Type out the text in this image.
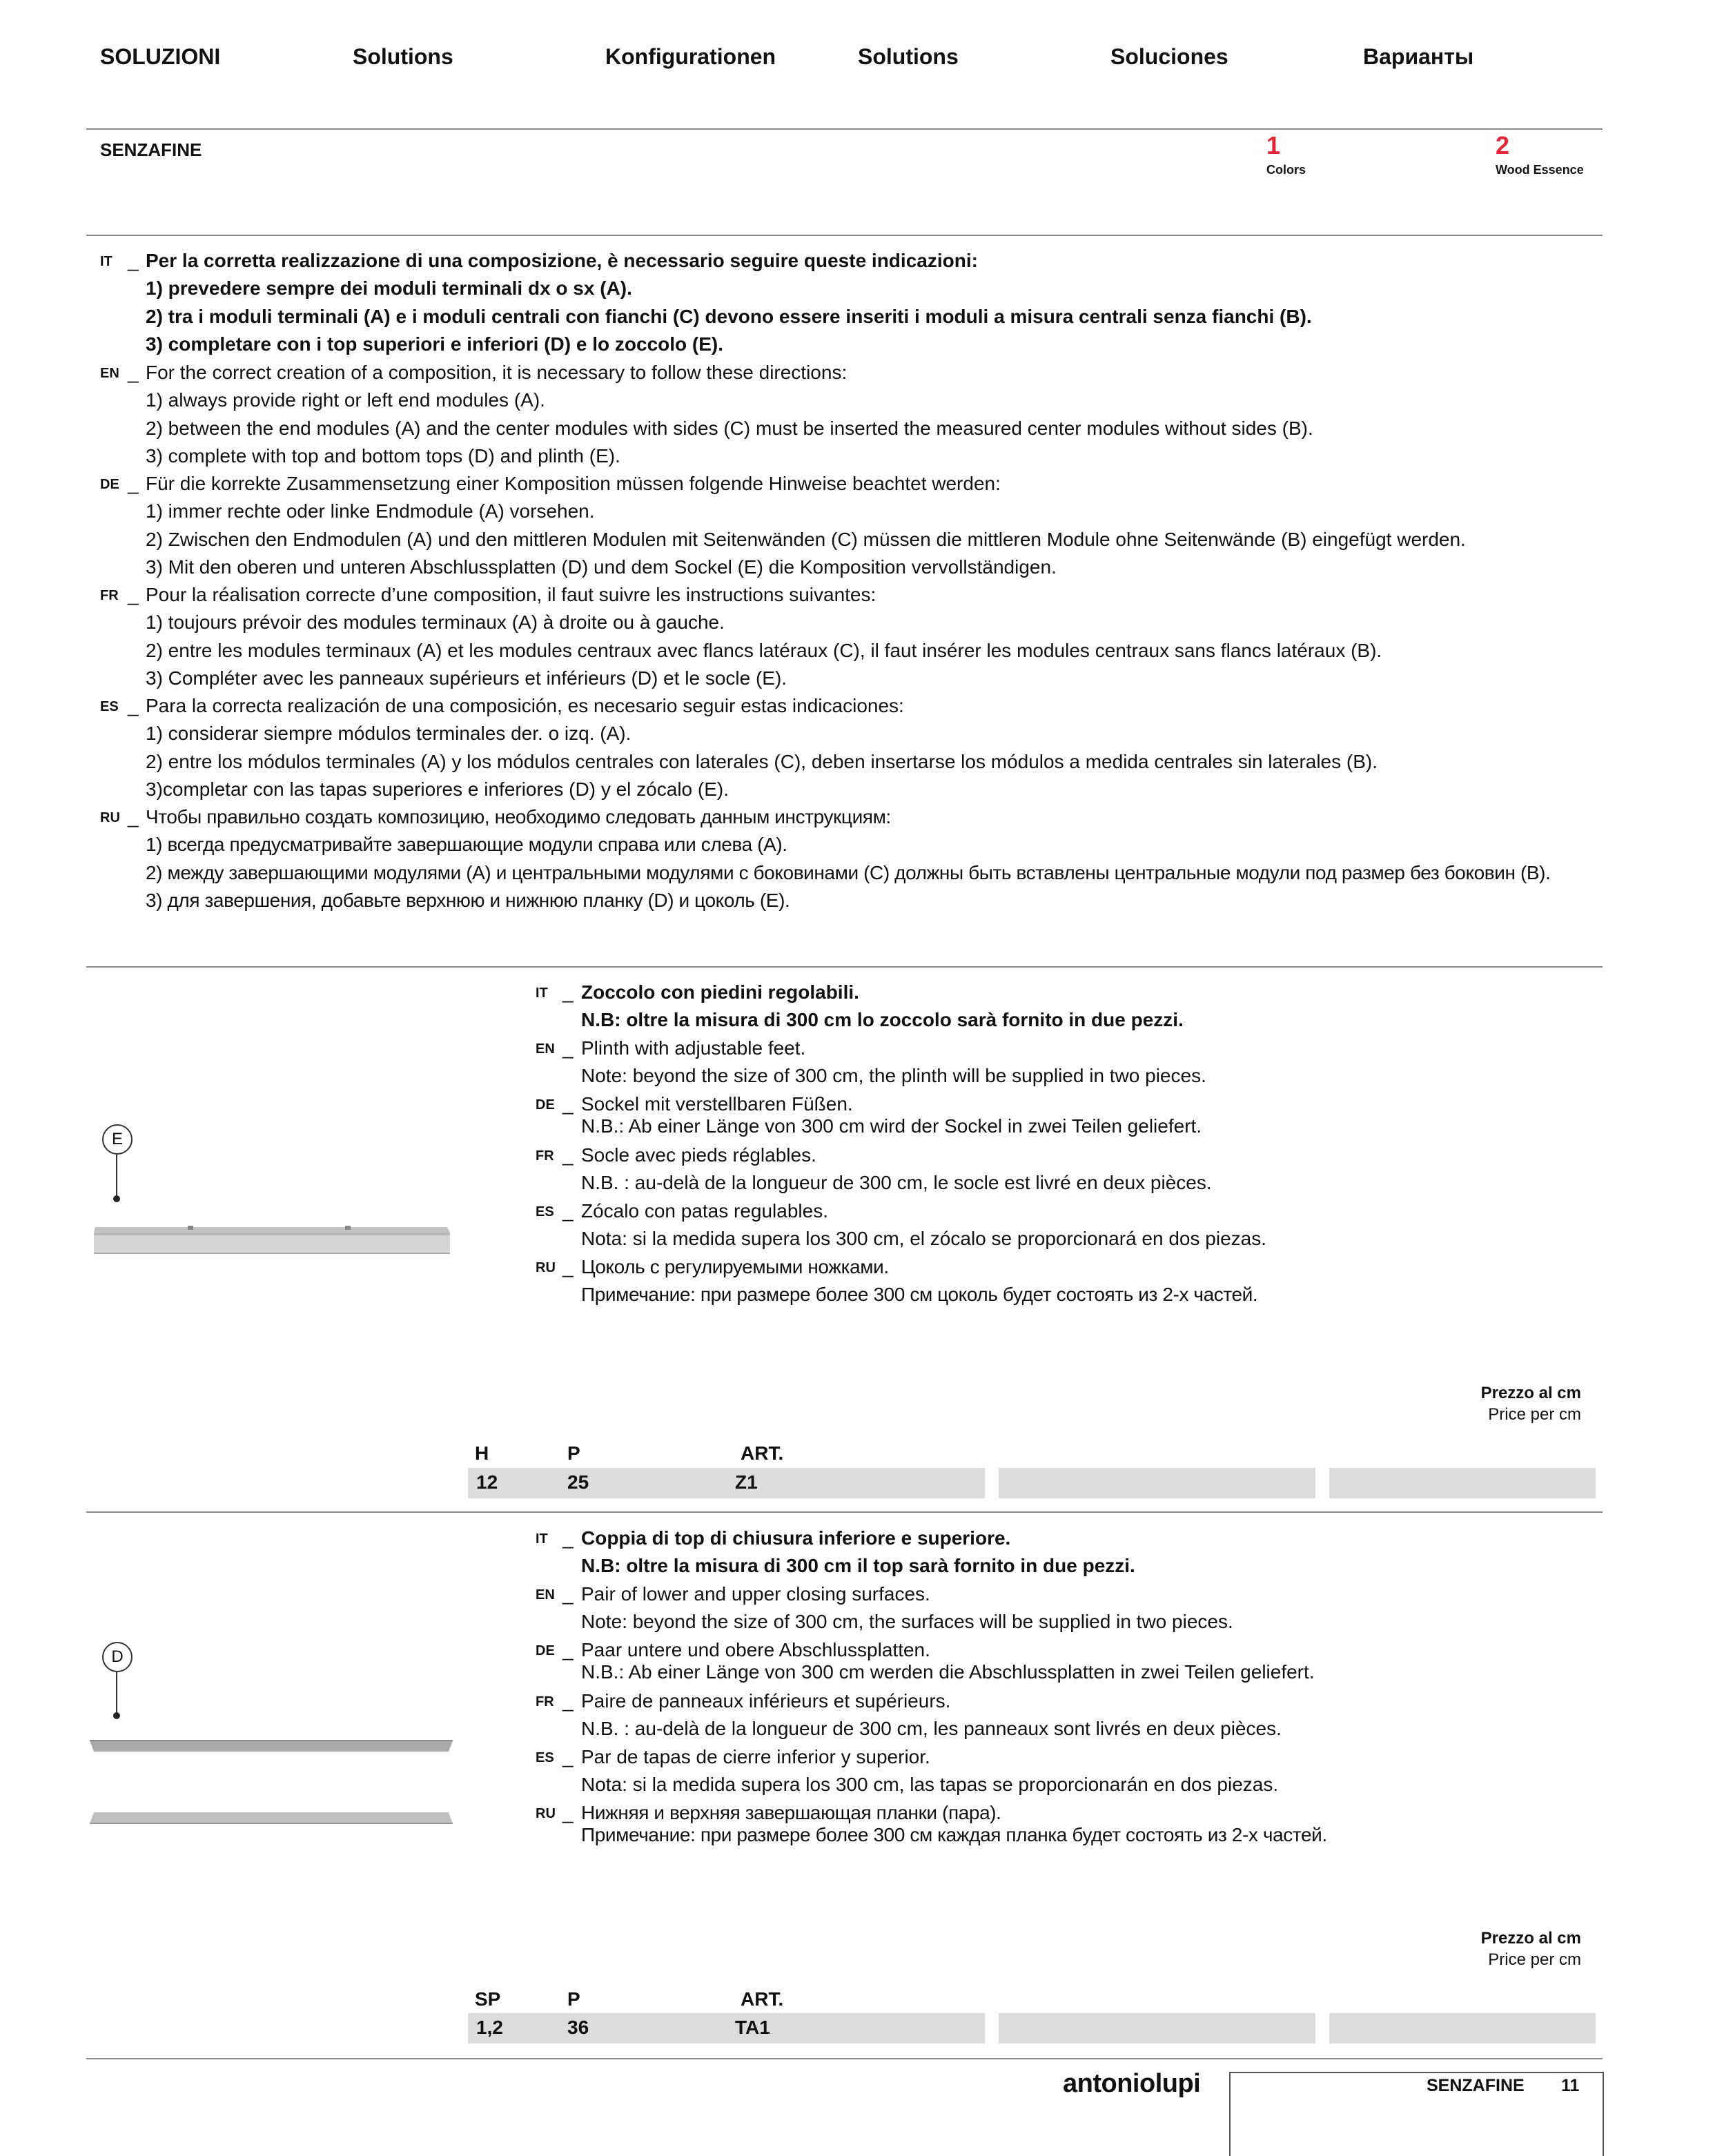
SOLUZIONI	Solutions	Konfigurationen	Solutions	Soluciones	Варианты
SENZAFINE	1
Colors
2
Wood Essence
IT _ Per la corretta realizzazione di una composizione, è necessario seguire queste indicazioni:
1) prevedere sempre dei moduli terminali dx o sx (A).
2) tra i moduli terminali (A) e i moduli centrali con fianchi (C) devono essere inseriti i moduli a misura centrali senza fianchi (B).
3) completare con i top superiori e inferiori (D) e lo zoccolo (E).
EN _ For the correct creation of a composition, it is necessary to follow these directions:
1) always provide right or left end modules (A).
2) between the end modules (A) and the center modules with sides (C) must be inserted the measured center modules without sides (B).
3) complete with top and bottom tops (D) and plinth (E).
DE _ Für die korrekte Zusammensetzung einer Komposition müssen folgende Hinweise beachtet werden:
1) immer rechte oder linke Endmodule (A) vorsehen.
2) Zwischen den Endmodulen (A) und den mittleren Modulen mit Seitenwänden (C) müssen die mittleren Module ohne Seitenwände (B) eingefügt werden.
3) Mit den oberen und unteren Abschlussplatten (D) und dem Sockel (E) die Komposition vervollständigen.
FR _ Pour la réalisation correcte d’une composition, il faut suivre les instructions suivantes:
1) toujours prévoir des modules terminaux (A) à droite ou à gauche.
2) entre les modules terminaux (A) et les modules centraux avec flancs latéraux (C), il faut insérer les modules centraux sans flancs latéraux (B).
3) Compléter avec les panneaux supérieurs et inférieurs (D) et le socle (E).
ES _ Para la correcta realización de una composición, es necesario seguir estas indicaciones:
1) considerar siempre módulos terminales der. o izq. (A).
2) entre los módulos terminales (A) y los módulos centrales con laterales (C), deben insertarse los módulos a medida centrales sin laterales (B).
3)completar con las tapas superiores e inferiores (D) y el zócalo (E).
RU _ Чтобы правильно создать композицию, необходимо следовать данным инструкциям:
1) всегда предусматривайте завершающие модули справа или слева (A).
2) между завершающими модулями (A) и центральными модулями с боковинами (C) должны быть вставлены центральные модули под размер без боковин (B).
3) для завершения, добавьте верхнюю и нижнюю планку (D) и цоколь (E).
E
IT _ Zoccolo con piedini regolabili.
N.B: oltre la misura di 300 cm lo zoccolo sarà fornito in due pezzi.
EN _ Plinth with adjustable feet.
Note: beyond the size of 300 cm, the plinth will be supplied in two pieces.
DE _ Sockel mit verstellbaren Füßen.
N.B.: Ab einer Länge von 300 cm wird der Sockel in zwei Teilen geliefert.
FR _ Socle avec pieds réglables.
N.B. : au-delà de la longueur de 300 cm, le socle est livré en deux pièces.
ES _ Zócalo con patas regulables.
Nota: si la medida supera los 300 cm, el zócalo se proporcionará en dos piezas.
RU _ Цоколь с регулируемыми ножками.
Примечание: при размере более 300 см цоколь будет состоять из 2-х частей.
Prezzo al cm
Price per cm
H	P	ART.
12	25	Z1
D
IT _ Coppia di top di chiusura inferiore e superiore.
N.B: oltre la misura di 300 cm il top sarà fornito in due pezzi.
EN _ Pair of lower and upper closing surfaces.
Note: beyond the size of 300 cm, the surfaces will be supplied in two pieces.
DE _ Paar untere und obere Abschlussplatten.
N.B.: Ab einer Länge von 300 cm werden die Abschlussplatten in zwei Teilen geliefert.
FR _ Paire de panneaux inférieurs et supérieurs.
N.B. : au-delà de la longueur de 300 cm, les panneaux sont livrés en deux pièces.
ES _ Par de tapas de cierre inferior y superior.
Nota: si la medida supera los 300 cm, las tapas se proporcionarán en dos piezas.
RU _ Нижняя и верхняя завершающая планки (пара).
Примечание: при размере более 300 см каждая планка будет состоять из 2-х частей.
Prezzo al cm
Price per cm
SP	P	ART.
1,2	36	TA1
antoniolupi	SENZAFINE 11
